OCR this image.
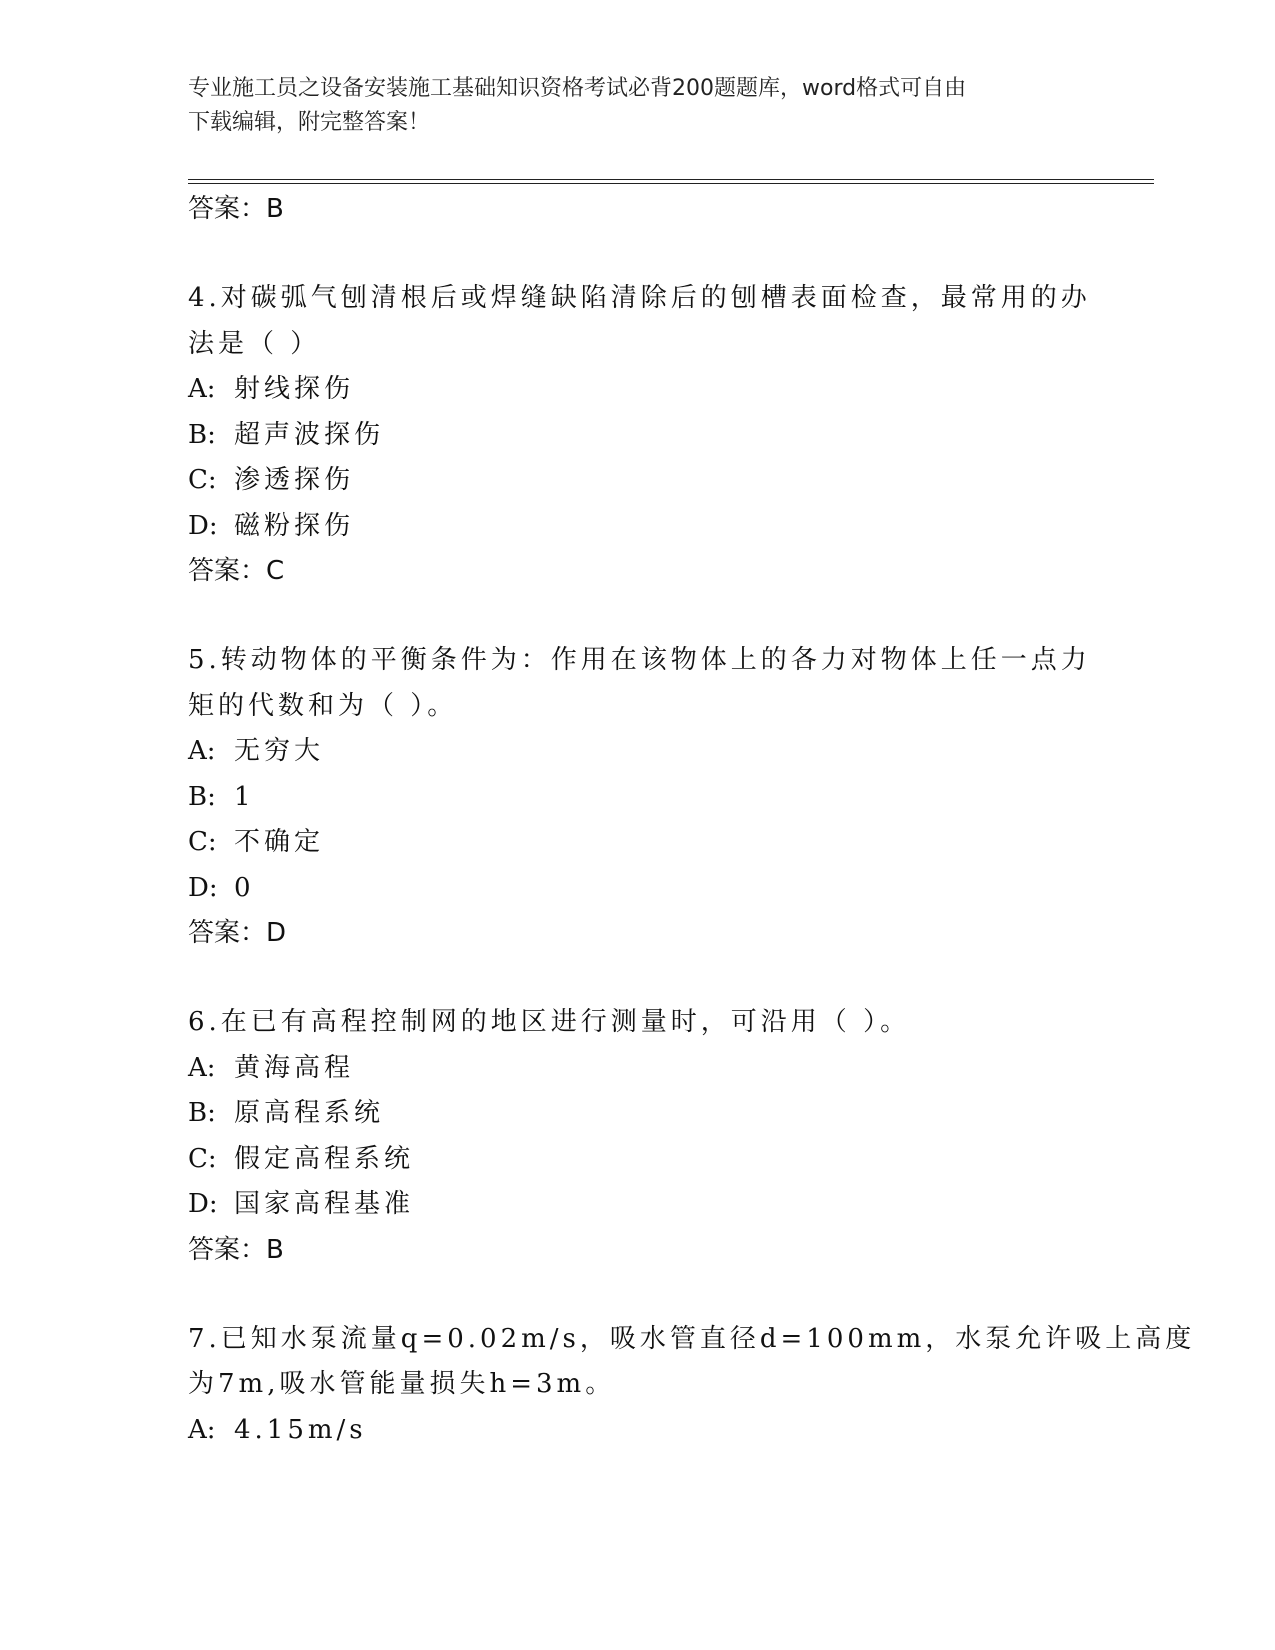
专业施工员之设备安装施工基础知识资格考试必背200题题库，word格式可自由
下载编辑，附完整答案！
答案：B
4.对碳弧气刨清根后或焊缝缺陷清除后的刨槽表面检查，最常用的办
法是（ ）
A: 射线探伤
B: 超声波探伤
C: 渗透探伤
D: 磁粉探伤
答案：C
5.转动物体的平衡条件为：作用在该物体上的各力对物体上任一点力
矩的代数和为（ ）。
A: 无穷大
B: 1
C: 不确定
D: 0
答案：D
6.在已有高程控制网的地区进行测量时，可沿用（ ）。
A: 黄海高程
B: 原高程系统
C: 假定高程系统
D: 国家高程基准
答案：B
7.已知水泵流量q=0.02m/s，吸水管直径d=100mm，水泵允许吸上高度
为7m,吸水管能量损失h=3m。
A: 4.15m/s
